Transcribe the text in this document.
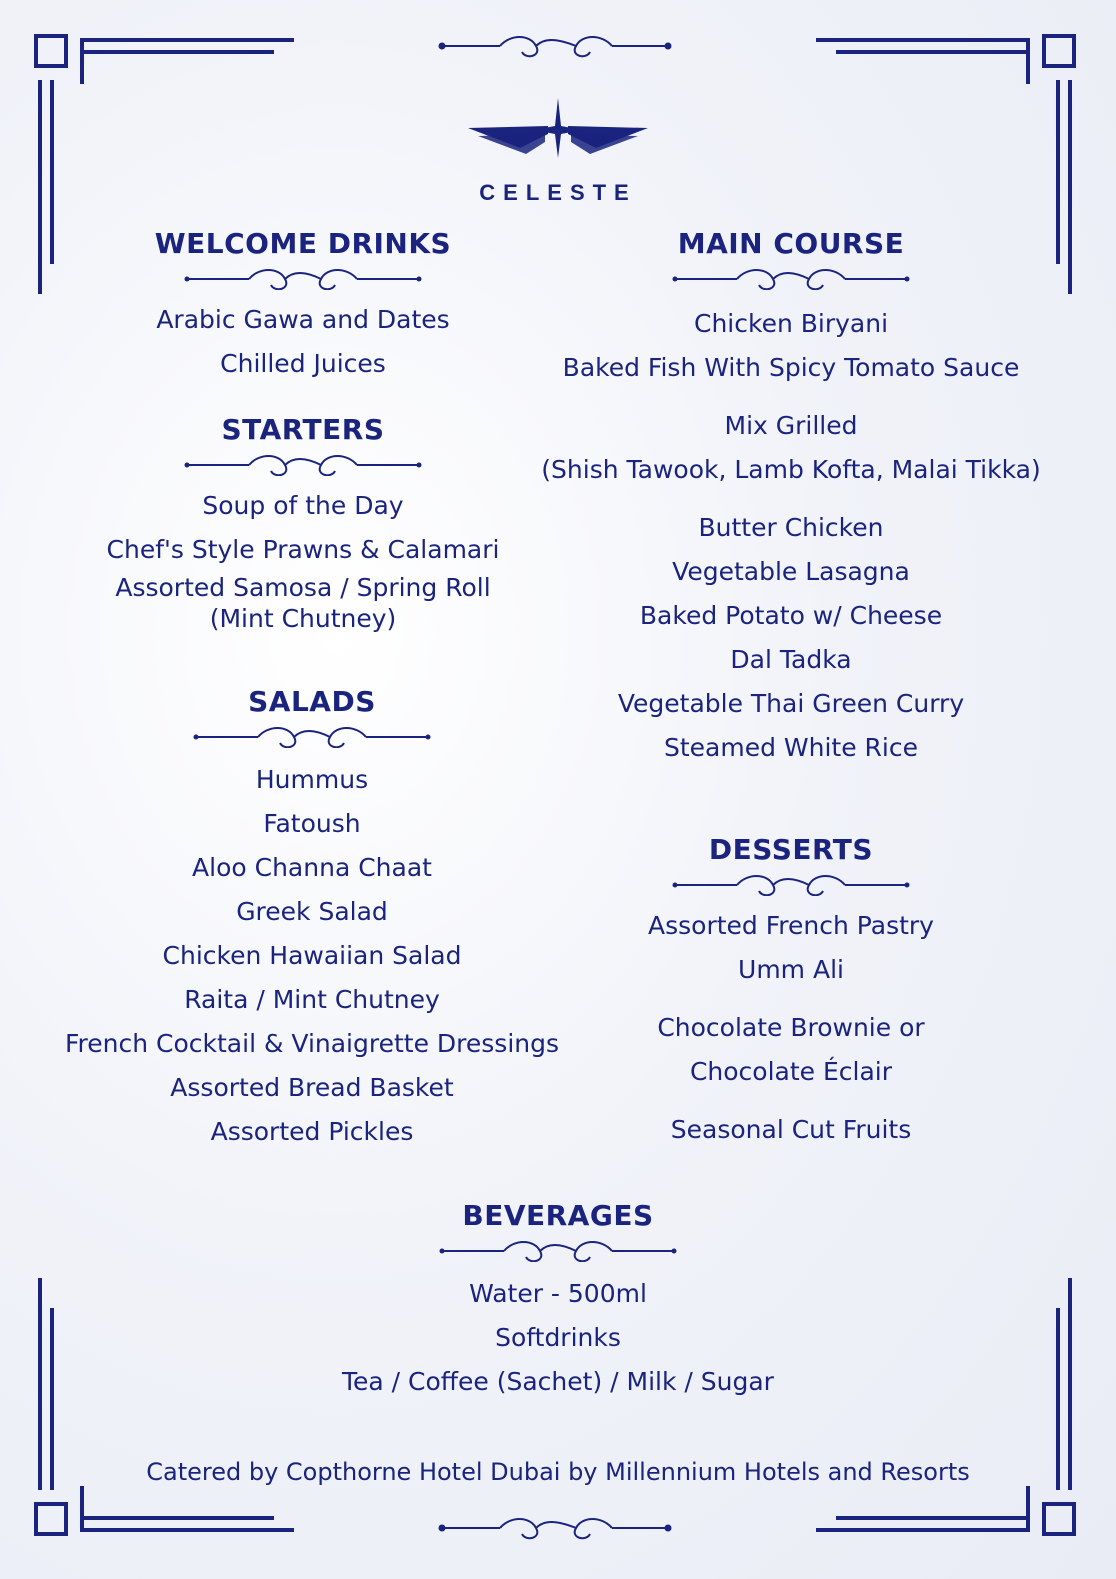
CELESTE
WELCOME DRINKS
Arabic Gawa and Dates
Chilled Juices
STARTERS
Soup of the Day
Chef's Style Prawns & Calamari
Assorted Samosa / Spring Roll
(Mint Chutney)
SALADS
Hummus
Fatoush
Aloo Channa Chaat
Greek Salad
Chicken Hawaiian Salad
Raita / Mint Chutney
French Cocktail & Vinaigrette Dressings
Assorted Bread Basket
Assorted Pickles
MAIN COURSE
Chicken Biryani
Baked Fish With Spicy Tomato Sauce
Mix Grilled
(Shish Tawook, Lamb Kofta, Malai Tikka)
Butter Chicken
Vegetable Lasagna
Baked Potato w/ Cheese
Dal Tadka
Vegetable Thai Green Curry
Steamed White Rice
DESSERTS
Assorted French Pastry
Umm Ali
Chocolate Brownie or
Chocolate Éclair
Seasonal Cut Fruits
BEVERAGES
Water - 500ml
Softdrinks
Tea / Coffee (Sachet) / Milk / Sugar
Catered by Copthorne Hotel Dubai by Millennium Hotels and Resorts
